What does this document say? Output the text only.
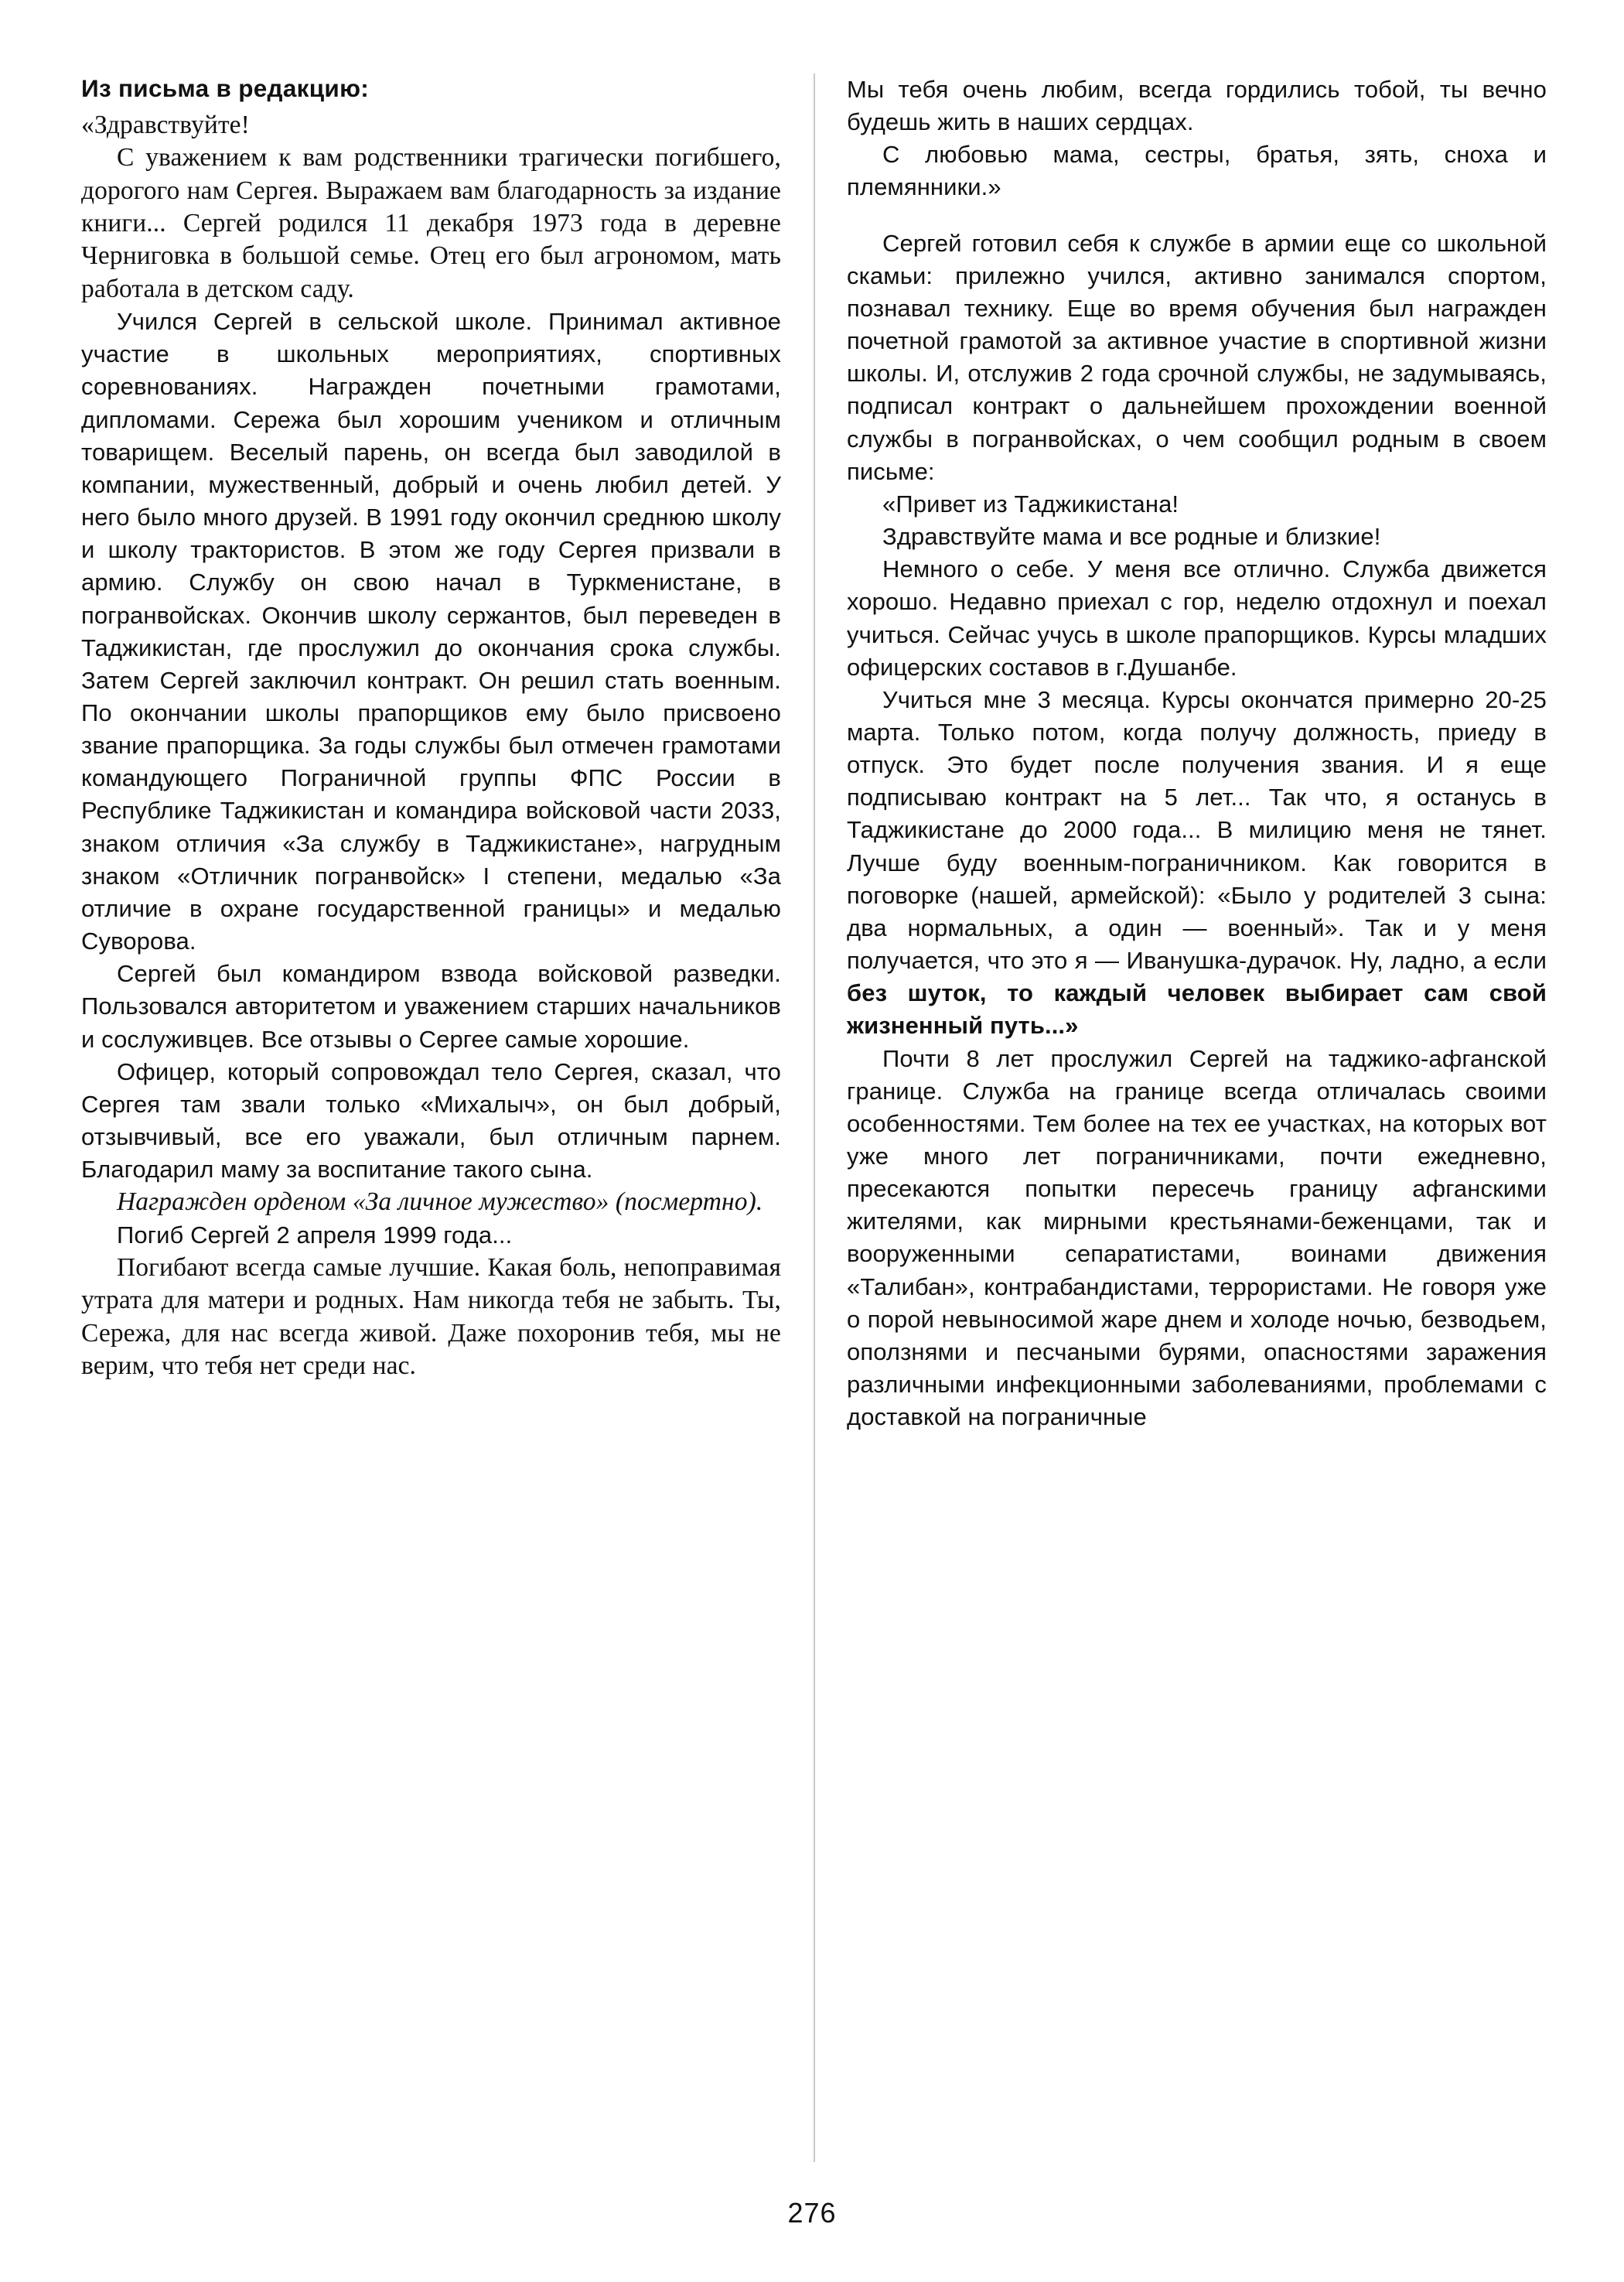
Из письма в редакцию:

«Здравствуйте!

С уважением к вам родственники трагически погибшего, дорогого нам Сергея. Выражаем вам благодарность за издание книги... Сергей родился 11 декабря 1973 года в деревне Черниговка в большой семье. Отец его был агрономом, мать работала в детском саду.

Учился Сергей в сельской школе. Принимал активное участие в школьных мероприятиях, спортивных соревнованиях. Награжден почетными грамотами, дипломами. Сережа был хорошим учеником и отличным товарищем. Веселый парень, он всегда был заводилой в компании, мужественный, добрый и очень любил детей. У него было много друзей. В 1991 году окончил среднюю школу и школу трактористов. В этом же году Сергея призвали в армию. Службу он свою начал в Туркменистане, в погранвойсках. Окончив школу сержантов, был переведен в Таджикистан, где прослужил до окончания срока службы. Затем Сергей заключил контракт. Он решил стать военным. По окончании школы прапорщиков ему было присвоено звание прапорщика. За годы службы был отмечен грамотами командующего Пограничной группы ФПС России в Республике Таджикистан и командира войсковой части 2033, знаком отличия «За службу в Таджикистане», нагрудным знаком «Отличник погранвойск» I степени, медалью «За отличие в охране государственной границы» и медалью Суворова.

Сергей был командиром взвода войсковой разведки. Пользовался авторитетом и уважением старших начальников и сослуживцев. Все отзывы о Сергее самые хорошие.

Офицер, который сопровождал тело Сергея, сказал, что Сергея там звали только «Михалыч», он был добрый, отзывчивый, все его уважали, был отличным парнем. Благодарил маму за воспитание такого сына.

Награжден орденом «За личное мужество» (посмертно).

Погиб Сергей 2 апреля 1999 года...

Погибают всегда самые лучшие. Какая боль, непоправимая утрата для матери и родных. Нам никогда тебя не забыть. Ты, Сережа, для нас всегда живой. Даже похоронив тебя, мы не верим, что тебя нет среди нас.

Мы тебя очень любим, всегда гордились тобой, ты вечно будешь жить в наших сердцах.

С любовью мама, сестры, братья, зять, сноха и племянники.»

Сергей готовил себя к службе в армии еще со школьной скамьи: прилежно учился, активно занимался спортом, познавал технику. Еще во время обучения был награжден почетной грамотой за активное участие в спортивной жизни школы. И, отслужив 2 года срочной службы, не задумываясь, подписал контракт о дальнейшем прохождении военной службы в погранвойсках, о чем сообщил родным в своем письме:

«Привет из Таджикистана!

Здравствуйте мама и все родные и близкие!

Немного о себе. У меня все отлично. Служба движется хорошо. Недавно приехал с гор, неделю отдохнул и поехал учиться. Сейчас учусь в школе прапорщиков. Курсы младших офицерских составов в г.Душанбе.

Учиться мне 3 месяца. Курсы окончатся примерно 20-25 марта. Только потом, когда получу должность, приеду в отпуск. Это будет после получения звания. И я еще подписываю контракт на 5 лет... Так что, я останусь в Таджикистане до 2000 года... В милицию меня не тянет. Лучше буду военным-пограничником. Как говорится в поговорке (нашей, армейской): «Было у родителей 3 сына: два нормальных, а один — военный». Так и у меня получается, что это я — Иванушка-дурачок. Ну, ладно, а если без шуток, то каждый человек выбирает сам свой жизненный путь...»

Почти 8 лет прослужил Сергей на таджико-афганской границе. Служба на границе всегда отличалась своими особенностями. Тем более на тех ее участках, на которых вот уже много лет пограничниками, почти ежедневно, пресекаются попытки пересечь границу афганскими жителями, как мирными крестьянами-беженцами, так и вооруженными сепаратистами, воинами движения «Талибан», контрабандистами, террористами. Не говоря уже о порой невыносимой жаре днем и холоде ночью, безводьем, оползнями и песчаными бурями, опасностями заражения различными инфекционными заболеваниями, проблемами с доставкой на пограничные

276
